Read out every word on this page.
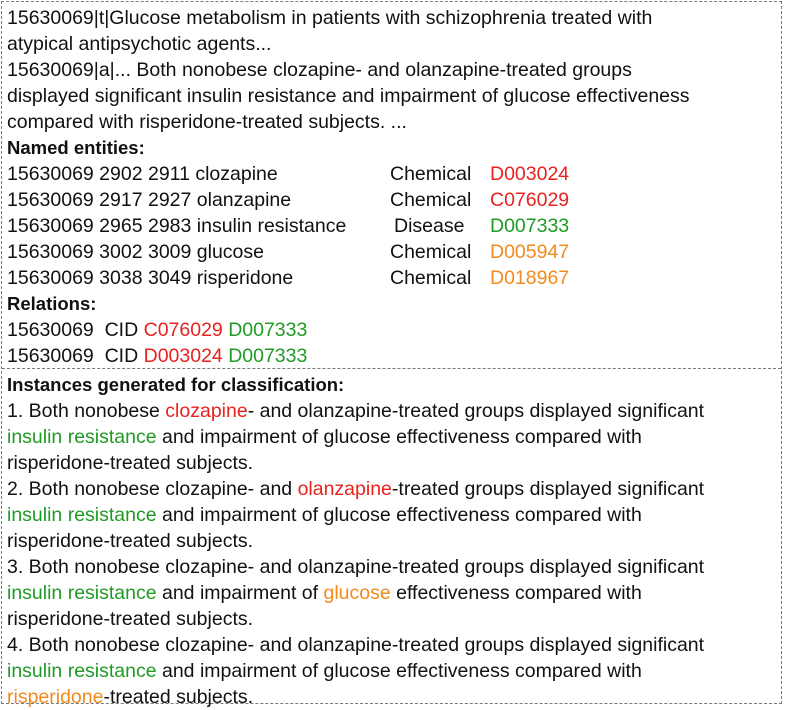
15630069|t|Glucose metabolism in patients with schizophrenia treated with
atypical antipsychotic agents...
15630069|a|... Both nonobese clozapine- and olanzapine-treated groups
displayed significant insulin resistance and impairment of glucose effectiveness
compared with risperidone-treated subjects. ...
Named entities:
15630069 2902 2911 clozapine	Chemical D003024
15630069 2917 2927 olanzapine	Chemical C076029
15630069 2965 2983 insulin resistance Disease D007333
15630069 3002 3009 glucose	Chemical D005947
15630069 3038 3049 risperidone	Chemical D018967
Relations:
15630069  CID C076029 D007333
15630069  CID D003024 D007333
Instances generated for classification:
1. Both nonobese clozapine- and olanzapine-treated groups displayed significant
insulin resistance and impairment of glucose effectiveness compared with
risperidone-treated subjects.
2. Both nonobese clozapine- and olanzapine-treated groups displayed significant
insulin resistance and impairment of glucose effectiveness compared with
risperidone-treated subjects.
3. Both nonobese clozapine- and olanzapine-treated groups displayed significant
insulin resistance and impairment of glucose effectiveness compared with
risperidone-treated subjects.
4. Both nonobese clozapine- and olanzapine-treated groups displayed significant
insulin resistance and impairment of glucose effectiveness compared with
risperidone-treated subjects.
